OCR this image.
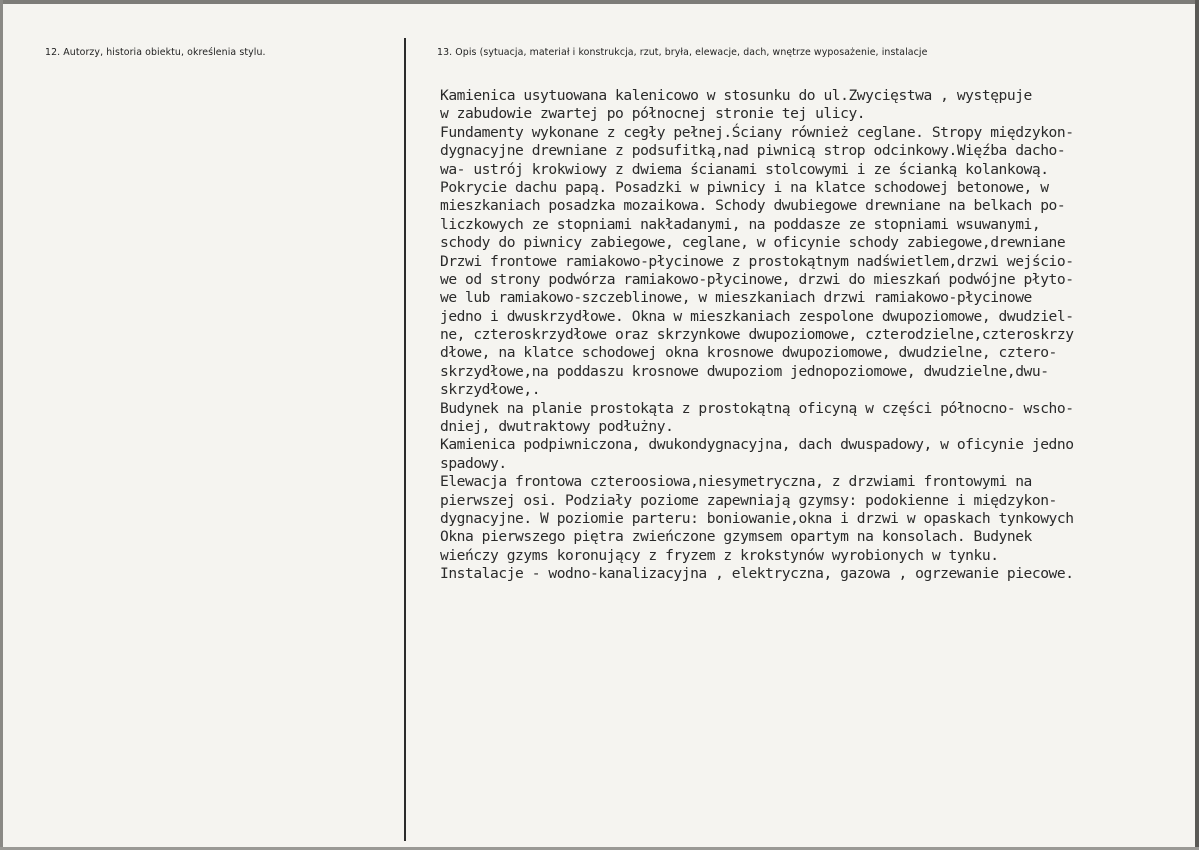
12. Autorzy, historia obiektu, określenia stylu.	13. Opis (sytuacja, materiał i konstrukcja, rzut, bryła, elewacje, dach, wnętrze wyposażenie, instalacje
Kamienica usytuowana kalenicowo w stosunku do ul.Zwycięstwa , występuje
w zabudowie zwartej po północnej stronie tej ulicy.
Fundamenty wykonane z cegły pełnej.Ściany również ceglane. Stropy międzykon-
dygnacyjne drewniane z podsufitką,nad piwnicą strop odcinkowy.Więźba dacho-
wa- ustrój krokwiowy z dwiema ścianami stolcowymi i ze ścianką kolankową.
Pokrycie dachu papą. Posadzki w piwnicy i na klatce schodowej betonowe, w
mieszkaniach posadzka mozaikowa. Schody dwubiegowe drewniane na belkach po-
liczkowych ze stopniami nakładanymi, na poddasze ze stopniami wsuwanymi,
schody do piwnicy zabiegowe, ceglane, w oficynie schody zabiegowe,drewniane
Drzwi frontowe ramiakowo-płycinowe z prostokątnym nadświetlem,drzwi wejścio-
we od strony podwórza ramiakowo-płycinowe, drzwi do mieszkań podwójne płyto-
we lub ramiakowo-szczeblinowe, w mieszkaniach drzwi ramiakowo-płycinowe
jedno i dwuskrzydłowe. Okna w mieszkaniach zespolone dwupoziomowe, dwudziel-
ne, czteroskrzydłowe oraz skrzynkowe dwupoziomowe, czterodzielne,czteroskrzy
dłowe, na klatce schodowej okna krosnowe dwupoziomowe, dwudzielne, cztero-
skrzydłowe,na poddaszu krosnowe dwupoziom jednopoziomowe, dwudzielne,dwu-
skrzydłowe,.
Budynek na planie prostokąta z prostokątną oficyną w części północno- wscho-
dniej, dwutraktowy podłużny.
Kamienica podpiwniczona, dwukondygnacyjna, dach dwuspadowy, w oficynie jedno
spadowy.
Elewacja frontowa czteroosiowa,niesymetryczna, z drzwiami frontowymi na
pierwszej osi. Podziały poziome zapewniają gzymsy: podokienne i międzykon-
dygnacyjne. W poziomie parteru: boniowanie,okna i drzwi w opaskach tynkowych
Okna pierwszego piętra zwieńczone gzymsem opartym na konsolach. Budynek
wieńczy gzyms koronujący z fryzem z krokstynów wyrobionych w tynku.
Instalacje - wodno-kanalizacyjna , elektryczna, gazowa , ogrzewanie piecowe.
